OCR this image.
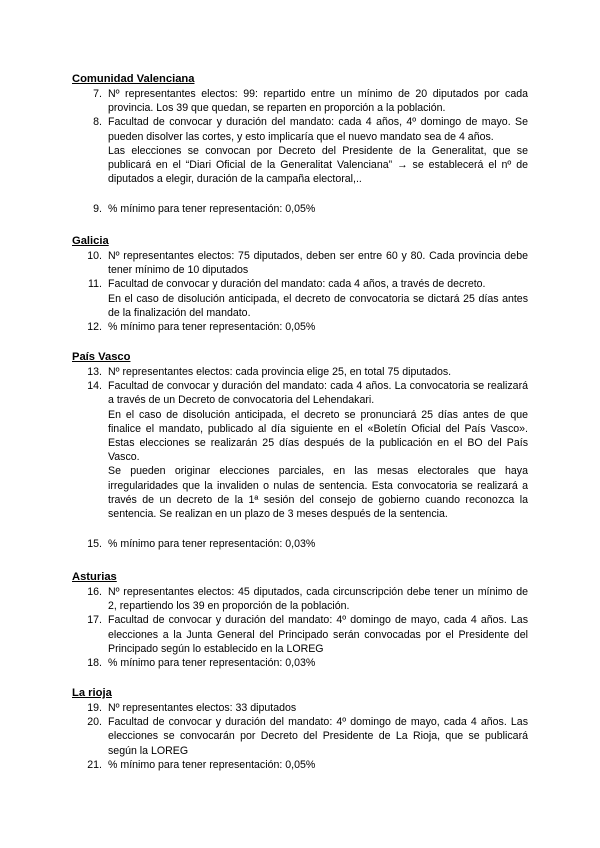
Comunidad Valenciana
7. Nº representantes electos: 99: repartido entre un mínimo de 20 diputados por cada provincia. Los 39 que quedan, se reparten en proporción a la población.

8. Facultad de convocar y duración del mandato: cada 4 años, 4º domingo de mayo. Se pueden disolver las cortes, y esto implicaría que el nuevo mandato sea de 4 años.

Las elecciones se convocan por Decreto del Presidente de la Generalitat, que se publicará en el “Diari Oficial de la Generalitat Valenciana” → se establecerá el nº de diputados a elegir, duración de la campaña electoral,..

9. % mínimo para tener representación: 0,05%

Galicia
10. Nº representantes electos: 75 diputados, deben ser entre 60 y 80. Cada provincia debe tener mínimo de 10 diputados

11. Facultad de convocar y duración del mandato: cada 4 años, a través de decreto.

En el caso de disolución anticipada, el decreto de convocatoria se dictará 25 días antes de la finalización del mandato.

12. % mínimo para tener representación: 0,05%

País Vasco
13. Nº representantes electos: cada provincia elige 25, en total 75 diputados.

14. Facultad de convocar y duración del mandato: cada 4 años. La convocatoria se realizará a través de un Decreto de convocatoria del Lehendakari.

En el caso de disolución anticipada, el decreto se pronunciará 25 días antes de que finalice el mandato, publicado al día siguiente en el «Boletín Oficial del País Vasco». Estas elecciones se realizarán 25 días después de la publicación en el BO del País Vasco.

Se pueden originar elecciones parciales, en las mesas electorales que haya irregularidades que la invaliden o nulas de sentencia. Esta convocatoria se realizará a través de un decreto de la 1ª sesión del consejo de gobierno cuando reconozca la sentencia. Se realizan en un plazo de 3 meses después de la sentencia.

15. % mínimo para tener representación: 0,03%

Asturias
16. Nº representantes electos: 45 diputados, cada circunscripción debe tener un mínimo de 2, repartiendo los 39 en proporción de la población.

17. Facultad de convocar y duración del mandato: 4º domingo de mayo, cada 4 años. Las elecciones a la Junta General del Principado serán convocadas por el Presidente del Principado según lo establecido en la LOREG

18. % mínimo para tener representación: 0,03%

La rioja
19. Nº representantes electos: 33 diputados

20. Facultad de convocar y duración del mandato: 4º domingo de mayo, cada 4 años. Las elecciones se convocarán por Decreto del Presidente de La Rioja, que se publicará según la LOREG

21. % mínimo para tener representación: 0,05%
